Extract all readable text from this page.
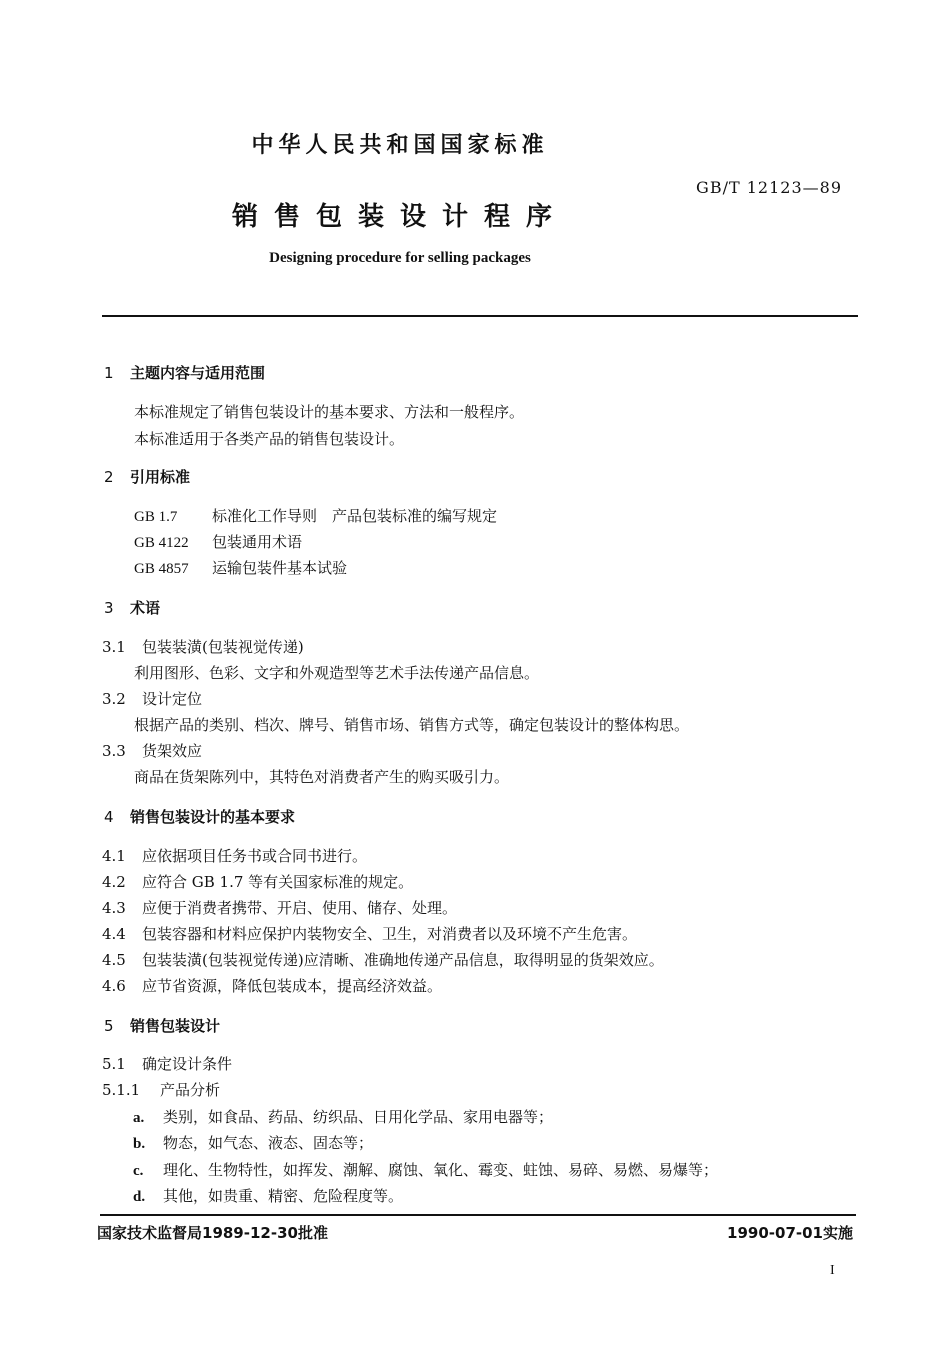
中华人民共和国国家标准
GB/T 12123—89
销售包装设计程序
Designing procedure for selling packages
1 主题内容与适用范围
本标准规定了销售包装设计的基本要求、方法和一般程序。
本标准适用于各类产品的销售包装设计。
2 引用标准
GB 1.7 标准化工作导则　产品包装标准的编写规定
GB 4122 包装通用术语
GB 4857 运输包装件基本试验
3 术语
3.1 包装装潢(包装视觉传递)
利用图形、色彩、文字和外观造型等艺术手法传递产品信息。
3.2 设计定位
根据产品的类别、档次、牌号、销售市场、销售方式等，确定包装设计的整体构思。
3.3 货架效应
商品在货架陈列中，其特色对消费者产生的购买吸引力。
4 销售包装设计的基本要求
4.1 应依据项目任务书或合同书进行。
4.2 应符合 GB 1.7 等有关国家标准的规定。
4.3 应便于消费者携带、开启、使用、储存、处理。
4.4 包装容器和材料应保护内装物安全、卫生，对消费者以及环境不产生危害。
4.5 包装装潢(包装视觉传递)应清晰、准确地传递产品信息，取得明显的货架效应。
4.6 应节省资源，降低包装成本，提高经济效益。
5 销售包装设计
5.1 确定设计条件
5.1.1 产品分析
a. 类别，如食品、药品、纺织品、日用化学品、家用电器等；
b. 物态，如气态、液态、固态等；
c. 理化、生物特性，如挥发、潮解、腐蚀、氧化、霉变、蛀蚀、易碎、易燃、易爆等；
d. 其他，如贵重、精密、危险程度等。
国家技术监督局1989-12-30批准	1990-07-01实施
I
